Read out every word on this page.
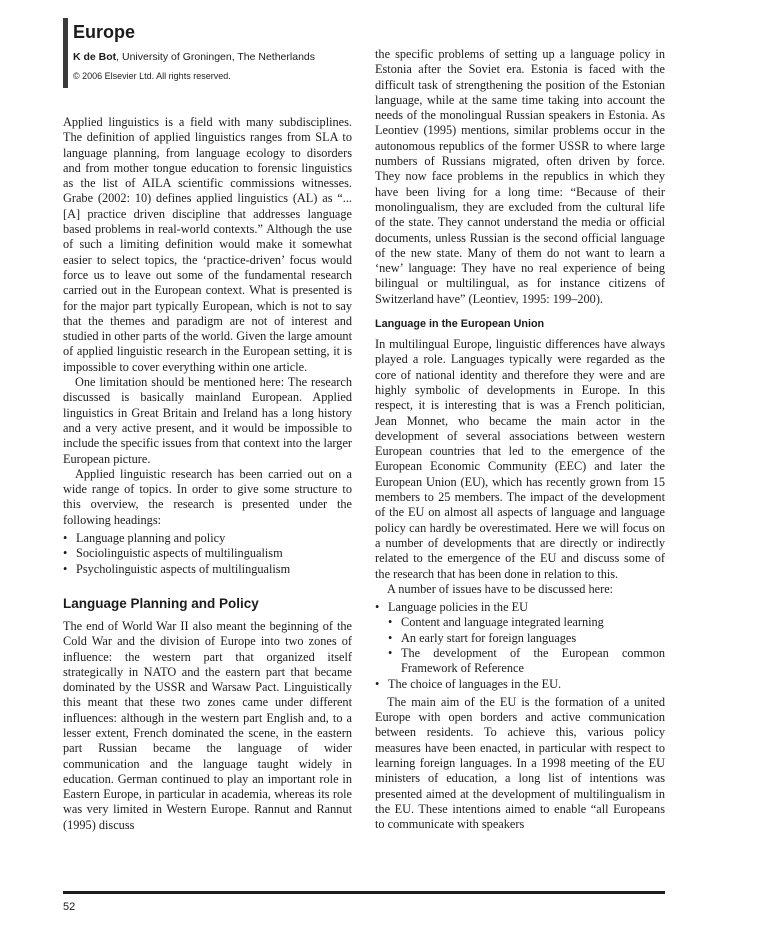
Europe

K de Bot, University of Groningen, The Netherlands

© 2006 Elsevier Ltd. All rights reserved.

Applied linguistics is a field with many subdisciplines. The definition of applied linguistics ranges from SLA to language planning, from language ecology to disorders and from mother tongue education to forensic linguistics as the list of AILA scientific commissions witnesses. Grabe (2002: 10) defines applied linguistics (AL) as “... [A] practice driven discipline that addresses language based problems in real-world contexts.” Although the use of such a limiting definition would make it somewhat easier to select topics, the ‘practice-driven’ focus would force us to leave out some of the fundamental research carried out in the European context. What is presented is for the major part typically European, which is not to say that the themes and paradigm are not of interest and studied in other parts of the world. Given the large amount of applied linguistic research in the European setting, it is impossible to cover everything within one article.

One limitation should be mentioned here: The research discussed is basically mainland European. Applied linguistics in Great Britain and Ireland has a long history and a very active present, and it would be impossible to include the specific issues from that context into the larger European picture.

Applied linguistic research has been carried out on a wide range of topics. In order to give some structure to this overview, the research is presented under the following headings:

• Language planning and policy
• Sociolinguistic aspects of multilingualism
• Psycholinguistic aspects of multilingualism
Language Planning and Policy

The end of World War II also meant the beginning of the Cold War and the division of Europe into two zones of influence: the western part that organized itself strategically in NATO and the eastern part that became dominated by the USSR and Warsaw Pact. Linguistically this meant that these two zones came under different influences: although in the western part English and, to a lesser extent, French dominated the scene, in the eastern part Russian became the language of wider communication and the language taught widely in education. German continued to play an important role in Eastern Europe, in particular in academia, whereas its role was very limited in Western Europe. Rannut and Rannut (1995) discuss

the specific problems of setting up a language policy in Estonia after the Soviet era. Estonia is faced with the difficult task of strengthening the position of the Estonian language, while at the same time taking into account the needs of the monolingual Russian speakers in Estonia. As Leontiev (1995) mentions, similar problems occur in the autonomous republics of the former USSR to where large numbers of Russians migrated, often driven by force. They now face problems in the republics in which they have been living for a long time: “Because of their monolingualism, they are excluded from the cultural life of the state. They cannot understand the media or official documents, unless Russian is the second official language of the new state. Many of them do not want to learn a ‘new’ language: They have no real experience of being bilingual or multilingual, as for instance citizens of Switzerland have” (Leontiev, 1995: 199–200).

Language in the European Union

In multilingual Europe, linguistic differences have always played a role. Languages typically were regarded as the core of national identity and therefore they were and are highly symbolic of developments in Europe. In this respect, it is interesting that is was a French politician, Jean Monnet, who became the main actor in the development of several associations between western European countries that led to the emergence of the European Economic Community (EEC) and later the European Union (EU), which has recently grown from 15 members to 25 members. The impact of the development of the EU on almost all aspects of language and language policy can hardly be overestimated. Here we will focus on a number of developments that are directly or indirectly related to the emergence of the EU and discuss some of the research that has been done in relation to this.

A number of issues have to be discussed here:

• Language policies in the EU
• Content and language integrated learning
• An early start for foreign languages
• The development of the European common Framework of Reference
• The choice of languages in the EU.

The main aim of the EU is the formation of a united Europe with open borders and active communication between residents. To achieve this, various policy measures have been enacted, in particular with respect to learning foreign languages. In a 1998 meeting of the EU ministers of education, a long list of intentions was presented aimed at the development of multilingualism in the EU. These intentions aimed to enable “all Europeans to communicate with speakers

52
